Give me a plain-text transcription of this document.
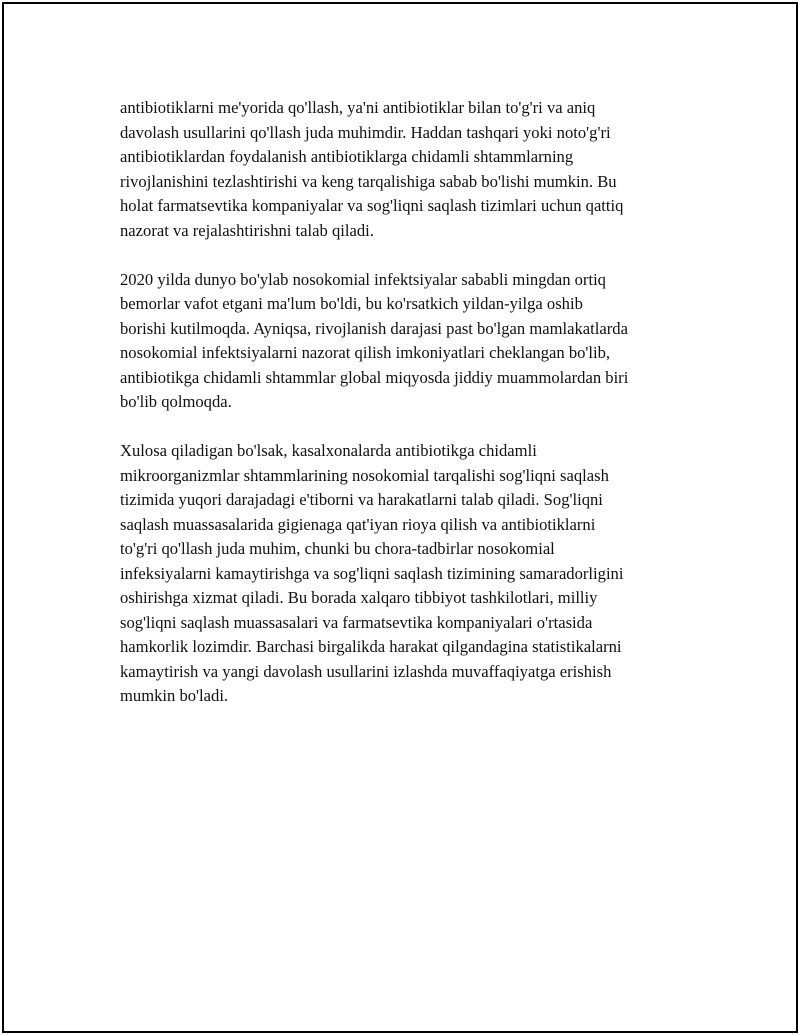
antibiotiklarni me'yorida qo'llash, ya'ni antibiotiklar bilan to'g'ri va aniq
davolash usullarini qo'llash juda muhimdir. Haddan tashqari yoki noto'g'ri
antibiotiklardan foydalanish antibiotiklarga chidamli shtammlarning
rivojlanishini tezlashtirishi va keng tarqalishiga sabab bo'lishi mumkin. Bu
holat farmatsevtika kompaniyalar va sog'liqni saqlash tizimlari uchun qattiq
nazorat va rejalashtirishni talab qiladi.

2020 yilda dunyo bo'ylab nosokomial infektsiyalar sababli mingdan ortiq
bemorlar vafot etgani ma'lum bo'ldi, bu ko'rsatkich yildan-yilga oshib
borishi kutilmoqda. Ayniqsa, rivojlanish darajasi past bo'lgan mamlakatlarda
nosokomial infektsiyalarni nazorat qilish imkoniyatlari cheklangan bo'lib,
antibiotikga chidamli shtammlar global miqyosda jiddiy muammolardan biri
bo'lib qolmoqda.

Xulosa qiladigan bo'lsak, kasalxonalarda antibiotikga chidamli
mikroorganizmlar shtammlarining nosokomial tarqalishi sog'liqni saqlash
tizimida yuqori darajadagi e'tiborni va harakatlarni talab qiladi. Sog'liqni
saqlash muassasalarida gigienaga qat'iyan rioya qilish va antibiotiklarni
to'g'ri qo'llash juda muhim, chunki bu chora-tadbirlar nosokomial
infeksiyalarni kamaytirishga va sog'liqni saqlash tizimining samaradorligini
oshirishga xizmat qiladi. Bu borada xalqaro tibbiyot tashkilotlari, milliy
sog'liqni saqlash muassasalari va farmatsevtika kompaniyalari o'rtasida
hamkorlik lozimdir. Barchasi birgalikda harakat qilgandagina statistikalarni
kamaytirish va yangi davolash usullarini izlashda muvaffaqiyatga erishish
mumkin bo'ladi.
